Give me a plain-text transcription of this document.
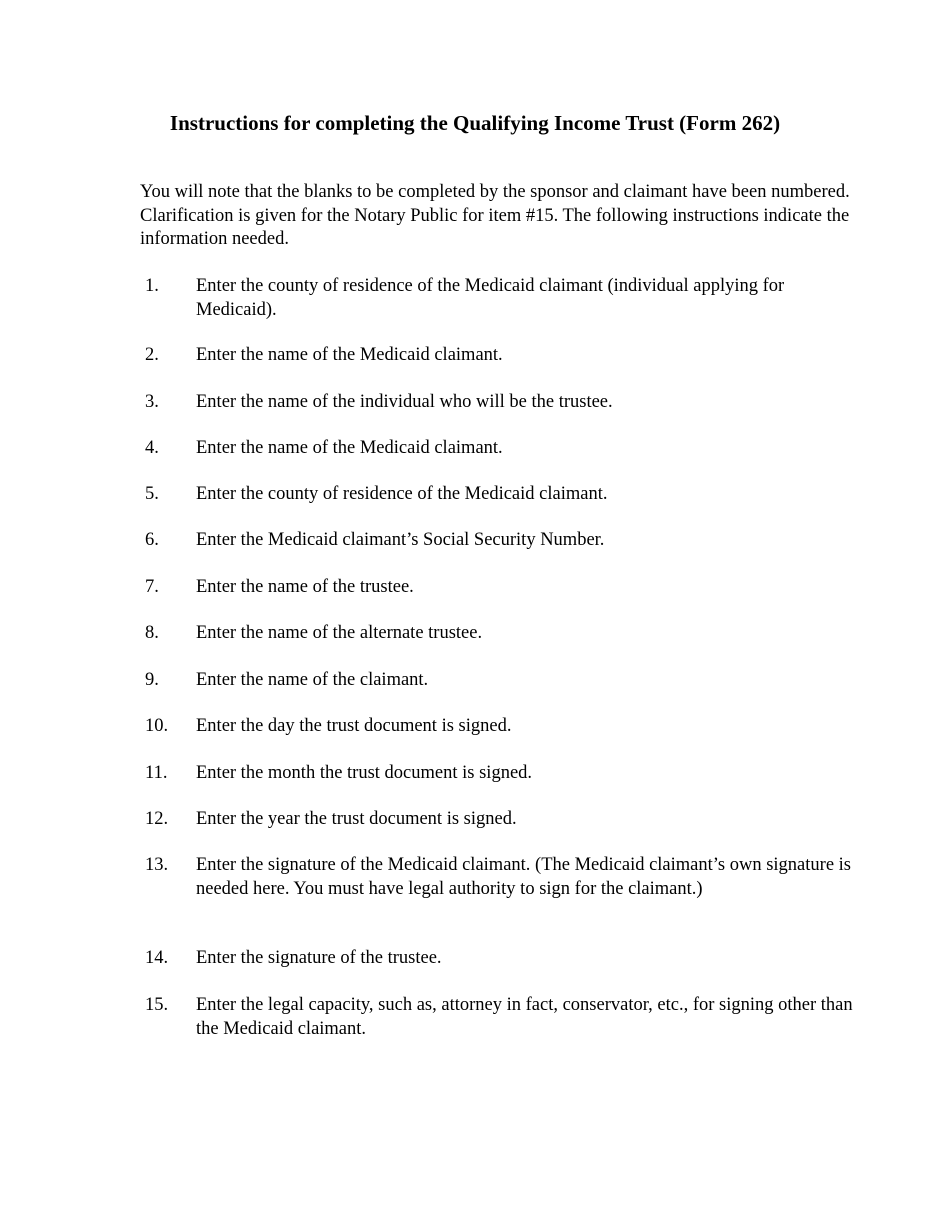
Instructions for completing the Qualifying Income Trust (Form 262)
You will note that the blanks to be completed by the sponsor and claimant have been numbered. Clarification is given for the Notary Public for item #15. The following instructions indicate the information needed.
1. Enter the county of residence of the Medicaid claimant (individual applying for Medicaid).
2. Enter the name of the Medicaid claimant.
3. Enter the name of the individual who will be the trustee.
4. Enter the name of the Medicaid claimant.
5. Enter the county of residence of the Medicaid claimant.
6. Enter the Medicaid claimant’s Social Security Number.
7. Enter the name of the trustee.
8. Enter the name of the alternate trustee.
9. Enter the name of the claimant.
10. Enter the day the trust document is signed.
11. Enter the month the trust document is signed.
12. Enter the year the trust document is signed.
13. Enter the signature of the Medicaid claimant. (The Medicaid claimant’s own signature is needed here. You must have legal authority to sign for the claimant.)
14. Enter the signature of the trustee.
15. Enter the legal capacity, such as, attorney in fact, conservator, etc., for signing other than the Medicaid claimant.
